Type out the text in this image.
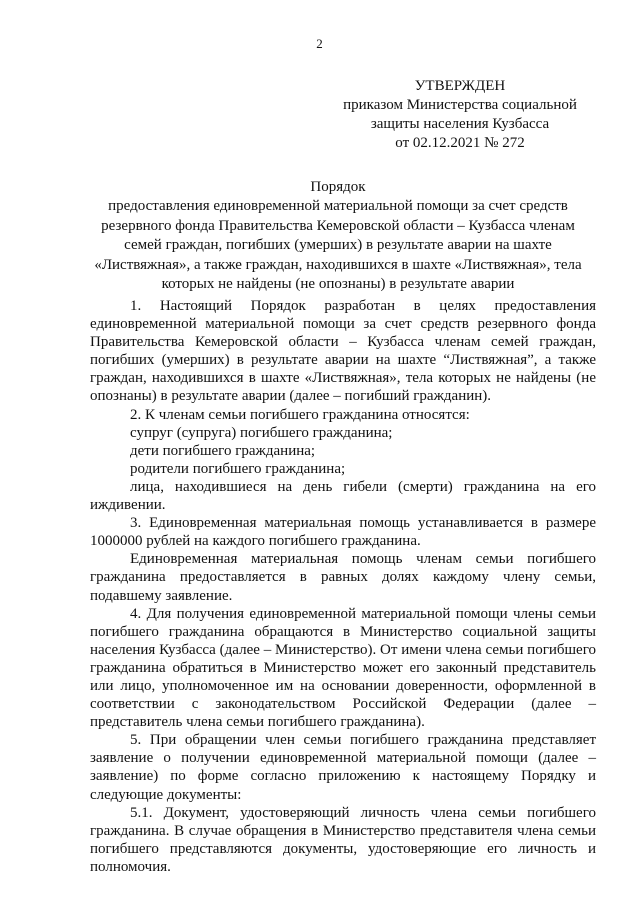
2
УТВЕРЖДЕН
приказом Министерства социальной
защиты населения Кузбасса
от 02.12.2021 № 272
Порядок
предоставления единовременной материальной помощи за счет средств
резервного фонда Правительства Кемеровской области – Кузбасса членам
семей граждан, погибших (умерших) в результате аварии на шахте
«Листвяжная», а также граждан, находившихся в шахте «Листвяжная», тела
которых не найдены (не опознаны) в результате аварии

1. Настоящий Порядок разработан в целях предоставления единовременной материальной помощи за счет средств резервного фонда Правительства Кемеровской области – Кузбасса членам семей граждан, погибших (умерших) в результате аварии на шахте “Листвяжная”, а также граждан, находившихся в шахте «Листвяжная», тела которых не найдены (не опознаны) в результате аварии (далее – погибший гражданин).

2. К членам семьи погибшего гражданина относятся:

супруг (супруга) погибшего гражданина;

дети погибшего гражданина;

родители погибшего гражданина;

лица, находившиеся на день гибели (смерти) гражданина на его иждивении.

3. Единовременная материальная помощь устанавливается в размере 1000000 рублей на каждого погибшего гражданина.

Единовременная материальная помощь членам семьи погибшего гражданина предоставляется в равных долях каждому члену семьи, подавшему заявление.

4. Для получения единовременной материальной помощи члены семьи погибшего гражданина обращаются в Министерство социальной защиты населения Кузбасса (далее – Министерство). От имени члена семьи погибшего гражданина обратиться в Министерство может его законный представитель или лицо, уполномоченное им на основании доверенности, оформленной в соответствии с законодательством Российской Федерации (далее – представитель члена семьи погибшего гражданина).

5. При обращении член семьи погибшего гражданина представляет заявление о получении единовременной материальной помощи (далее – заявление) по форме согласно приложению к настоящему Порядку и следующие документы:

5.1. Документ, удостоверяющий личность члена семьи погибшего гражданина. В случае обращения в Министерство представителя члена семьи погибшего представляются документы, удостоверяющие его личность и полномочия.
